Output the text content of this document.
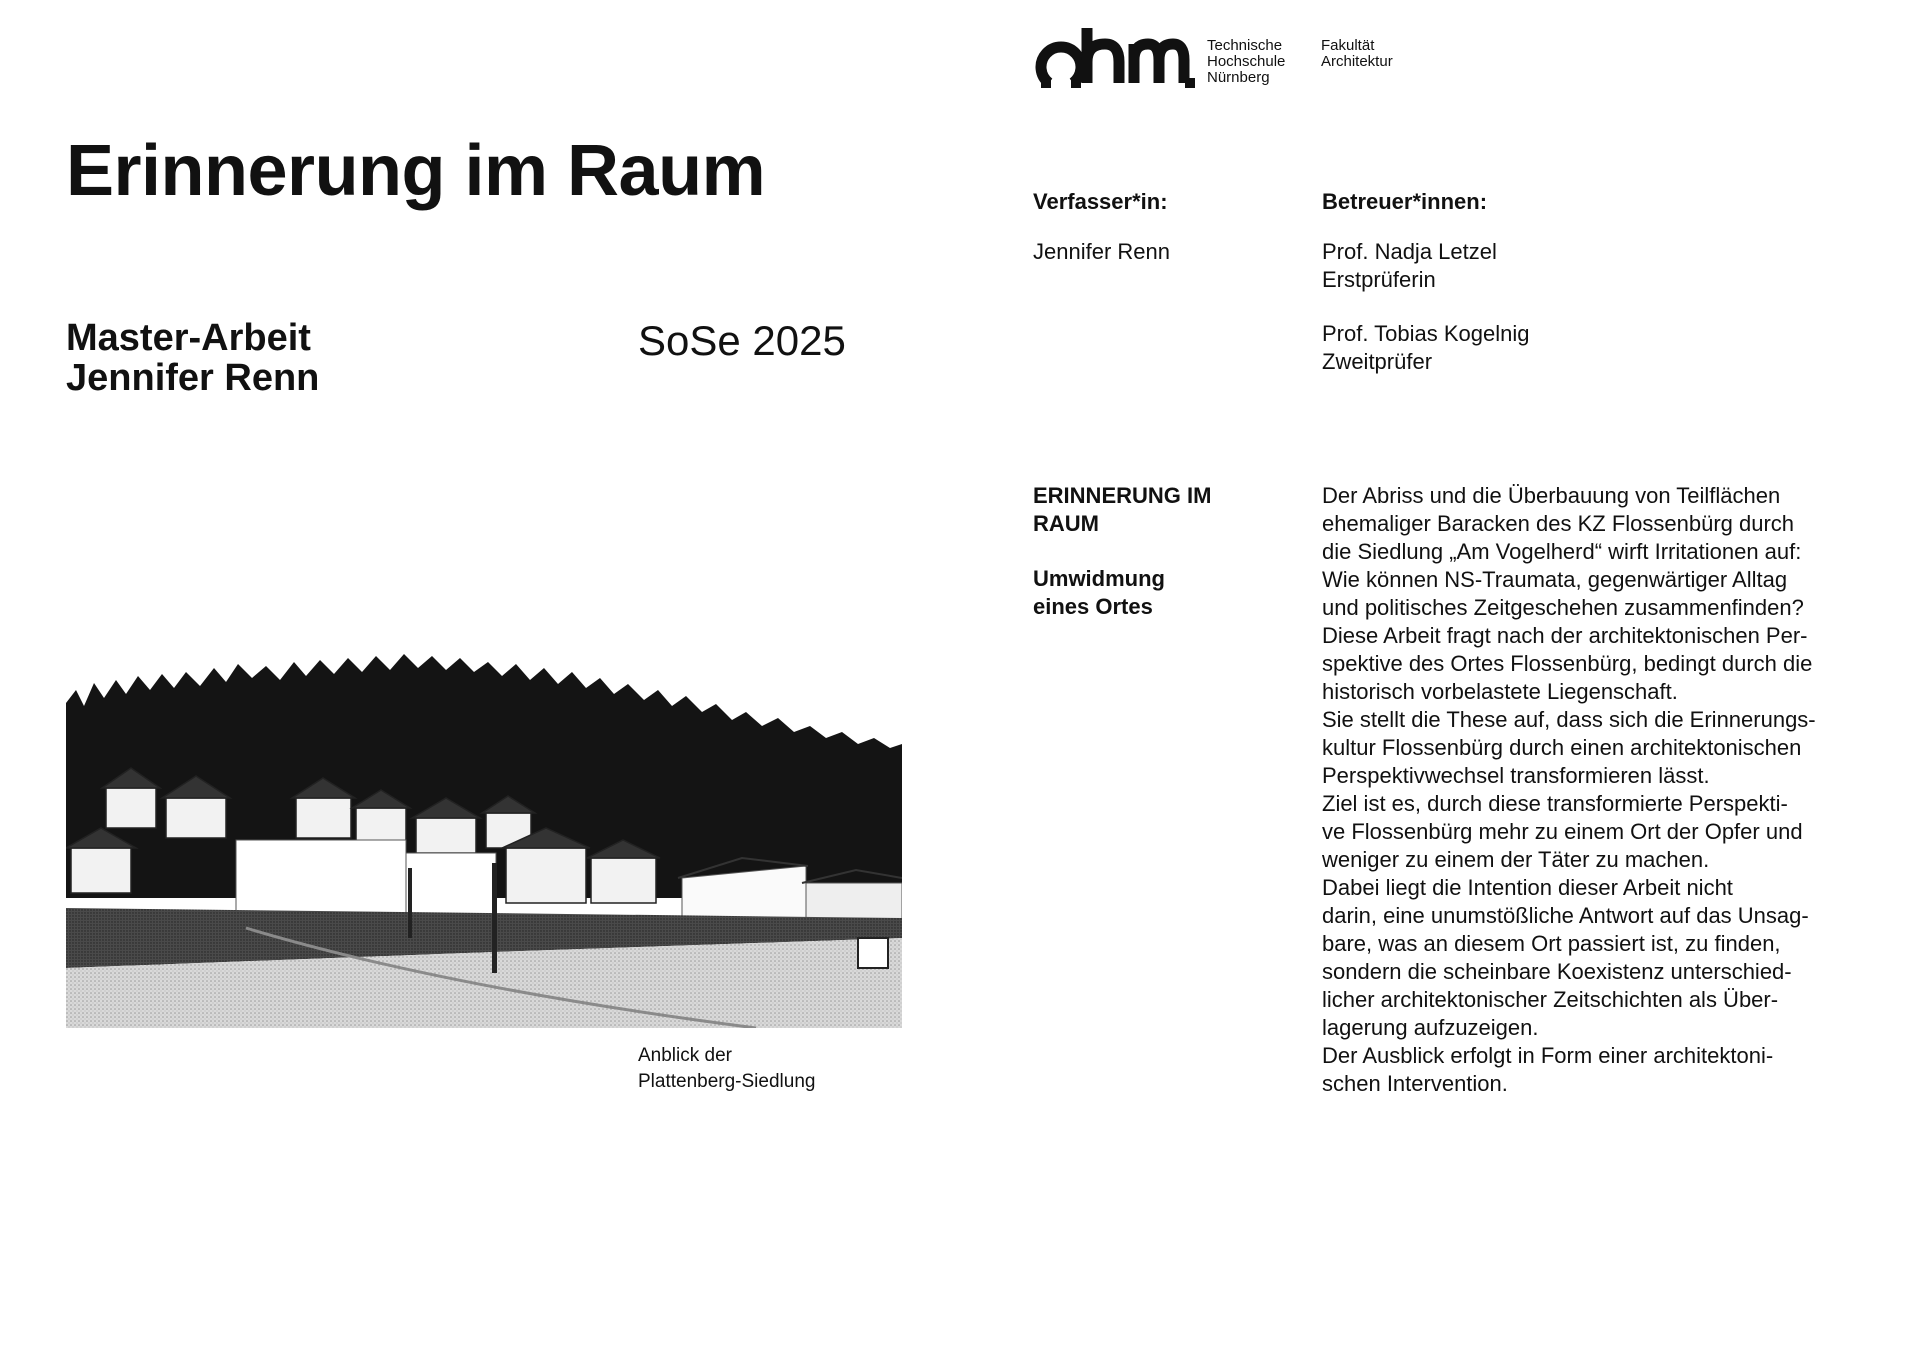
Erinnerung im Raum
Master-Arbeit
Jennifer Renn
SoSe 2025
Anblick der
Plattenberg-Siedlung
Technische
Hochschule
Nürnberg
Fakultät
Architektur
Verfasser*in:
Jennifer Renn
Betreuer*innen:
Prof. Nadja Letzel
Erstprüferin
Prof. Tobias Kogelnig
Zweitprüfer
ERINNERUNG IM
RAUM
Umwidmung
eines Ortes
Der Abriss und die Überbauung von Teilflächen
ehemaliger Baracken des KZ Flossenbürg durch
die Siedlung „Am Vogelherd“ wirft Irritationen auf:
Wie können NS-Traumata, gegenwärtiger Alltag
und politisches Zeitgeschehen zusammenfinden?
Diese Arbeit fragt nach der architektonischen Per-
spektive des Ortes Flossenbürg, bedingt durch die
historisch vorbelastete Liegenschaft.
Sie stellt die These auf, dass sich die Erinnerungs-
kultur Flossenbürg durch einen architektonischen
Perspektivwechsel transformieren lässt.
Ziel ist es, durch diese transformierte Perspekti-
ve Flossenbürg mehr zu einem Ort der Opfer und
weniger zu einem der Täter zu machen.
Dabei liegt die Intention dieser Arbeit nicht
darin, eine unumstößliche Antwort auf das Unsag-
bare, was an diesem Ort passiert ist, zu finden,
sondern die scheinbare Koexistenz unterschied-
licher architektonischer Zeitschichten als Über-
lagerung aufzuzeigen.
Der Ausblick erfolgt in Form einer architektoni-
schen Intervention.
